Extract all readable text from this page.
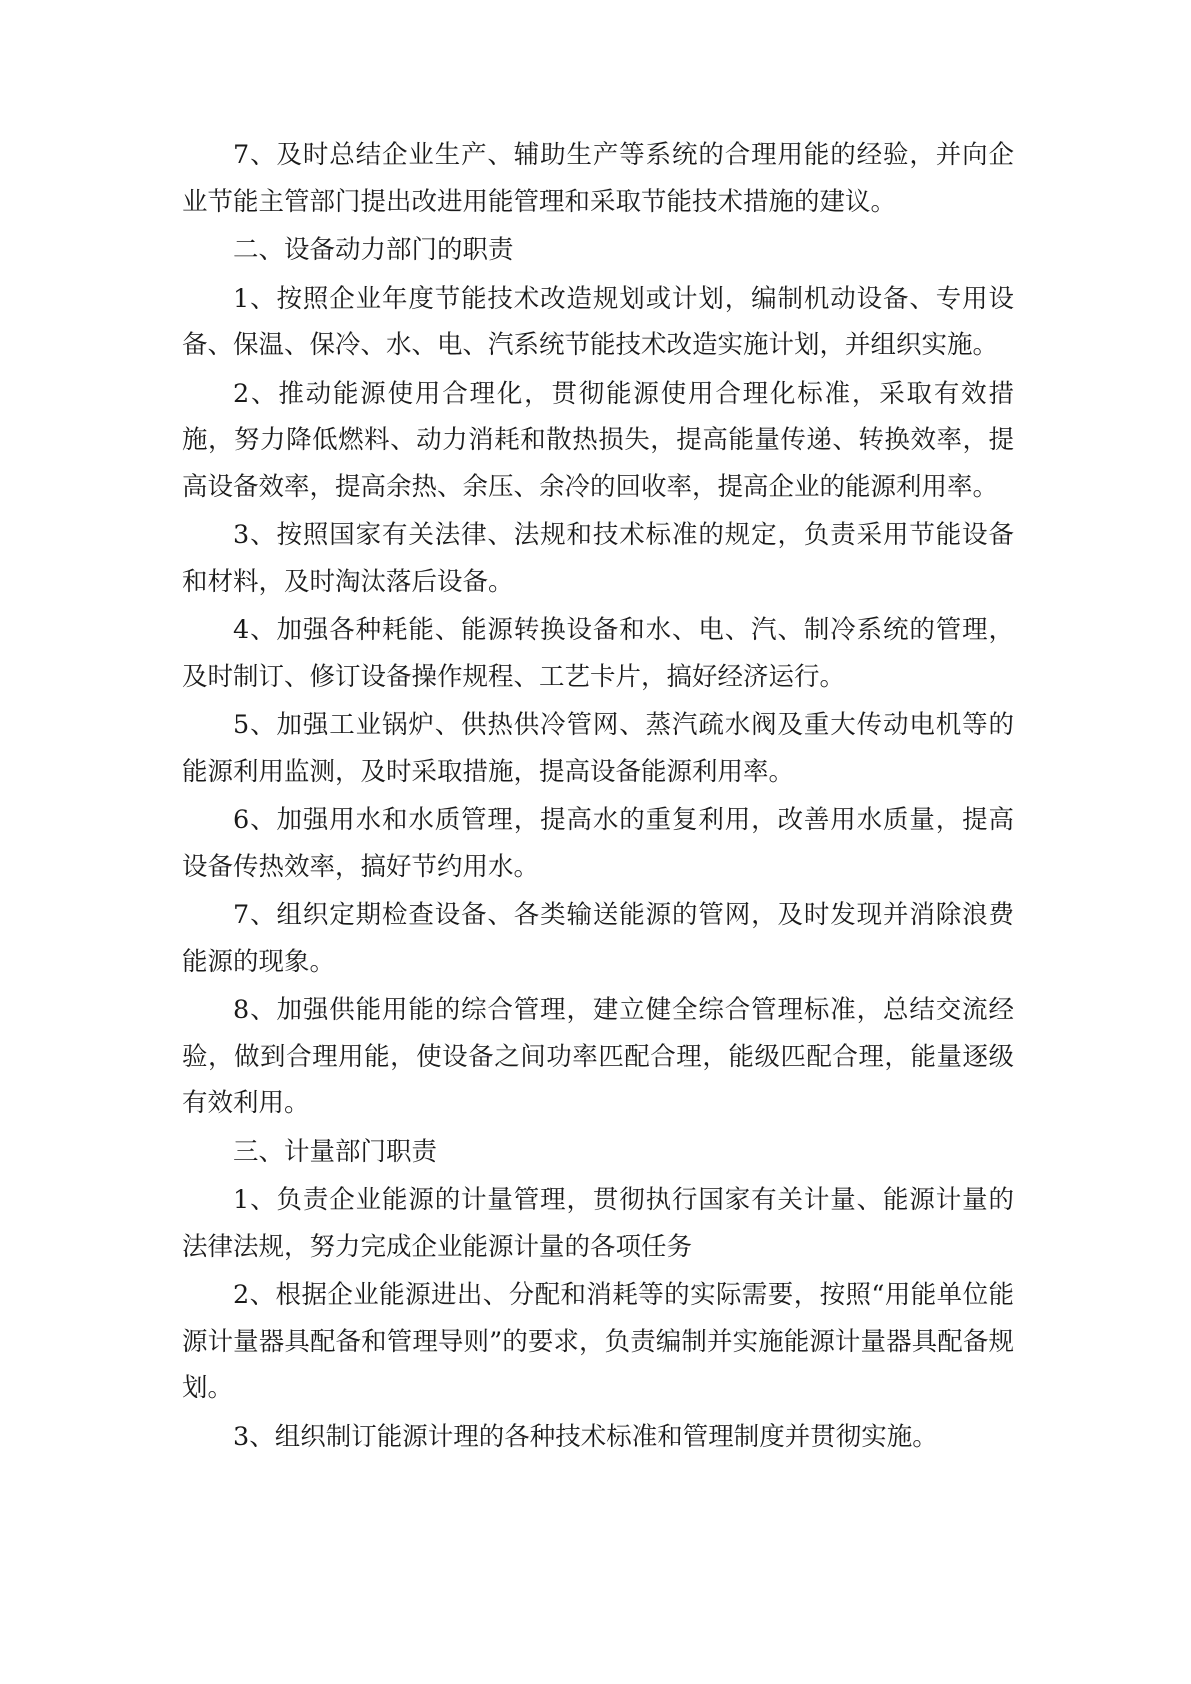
7、及时总结企业生产、辅助生产等系统的合理用能的经验，并向企业节能主管部门提出改进用能管理和采取节能技术措施的建议。

二、设备动力部门的职责

1、按照企业年度节能技术改造规划或计划，编制机动设备、专用设备、保温、保冷、水、电、汽系统节能技术改造实施计划，并组织实施。

2、推动能源使用合理化，贯彻能源使用合理化标准，采取有效措施，努力降低燃料、动力消耗和散热损失，提高能量传递、转换效率，提高设备效率，提高余热、余压、余冷的回收率，提高企业的能源利用率。

3、按照国家有关法律、法规和技术标准的规定，负责采用节能设备和材料，及时淘汰落后设备。

4、加强各种耗能、能源转换设备和水、电、汽、制冷系统的管理，及时制订、修订设备操作规程、工艺卡片，搞好经济运行。

5、加强工业锅炉、供热供冷管网、蒸汽疏水阀及重大传动电机等的能源利用监测，及时采取措施，提高设备能源利用率。

6、加强用水和水质管理，提高水的重复利用，改善用水质量，提高设备传热效率，搞好节约用水。

7、组织定期检查设备、各类输送能源的管网，及时发现并消除浪费能源的现象。

8、加强供能用能的综合管理，建立健全综合管理标准，总结交流经验，做到合理用能，使设备之间功率匹配合理，能级匹配合理，能量逐级有效利用。

三、计量部门职责

1、负责企业能源的计量管理，贯彻执行国家有关计量、能源计量的法律法规，努力完成企业能源计量的各项任务

2、根据企业能源进出、分配和消耗等的实际需要，按照“用能单位能源计量器具配备和管理导则”的要求，负责编制并实施能源计量器具配备规划。

3、组织制订能源计理的各种技术标准和管理制度并贯彻实施。
